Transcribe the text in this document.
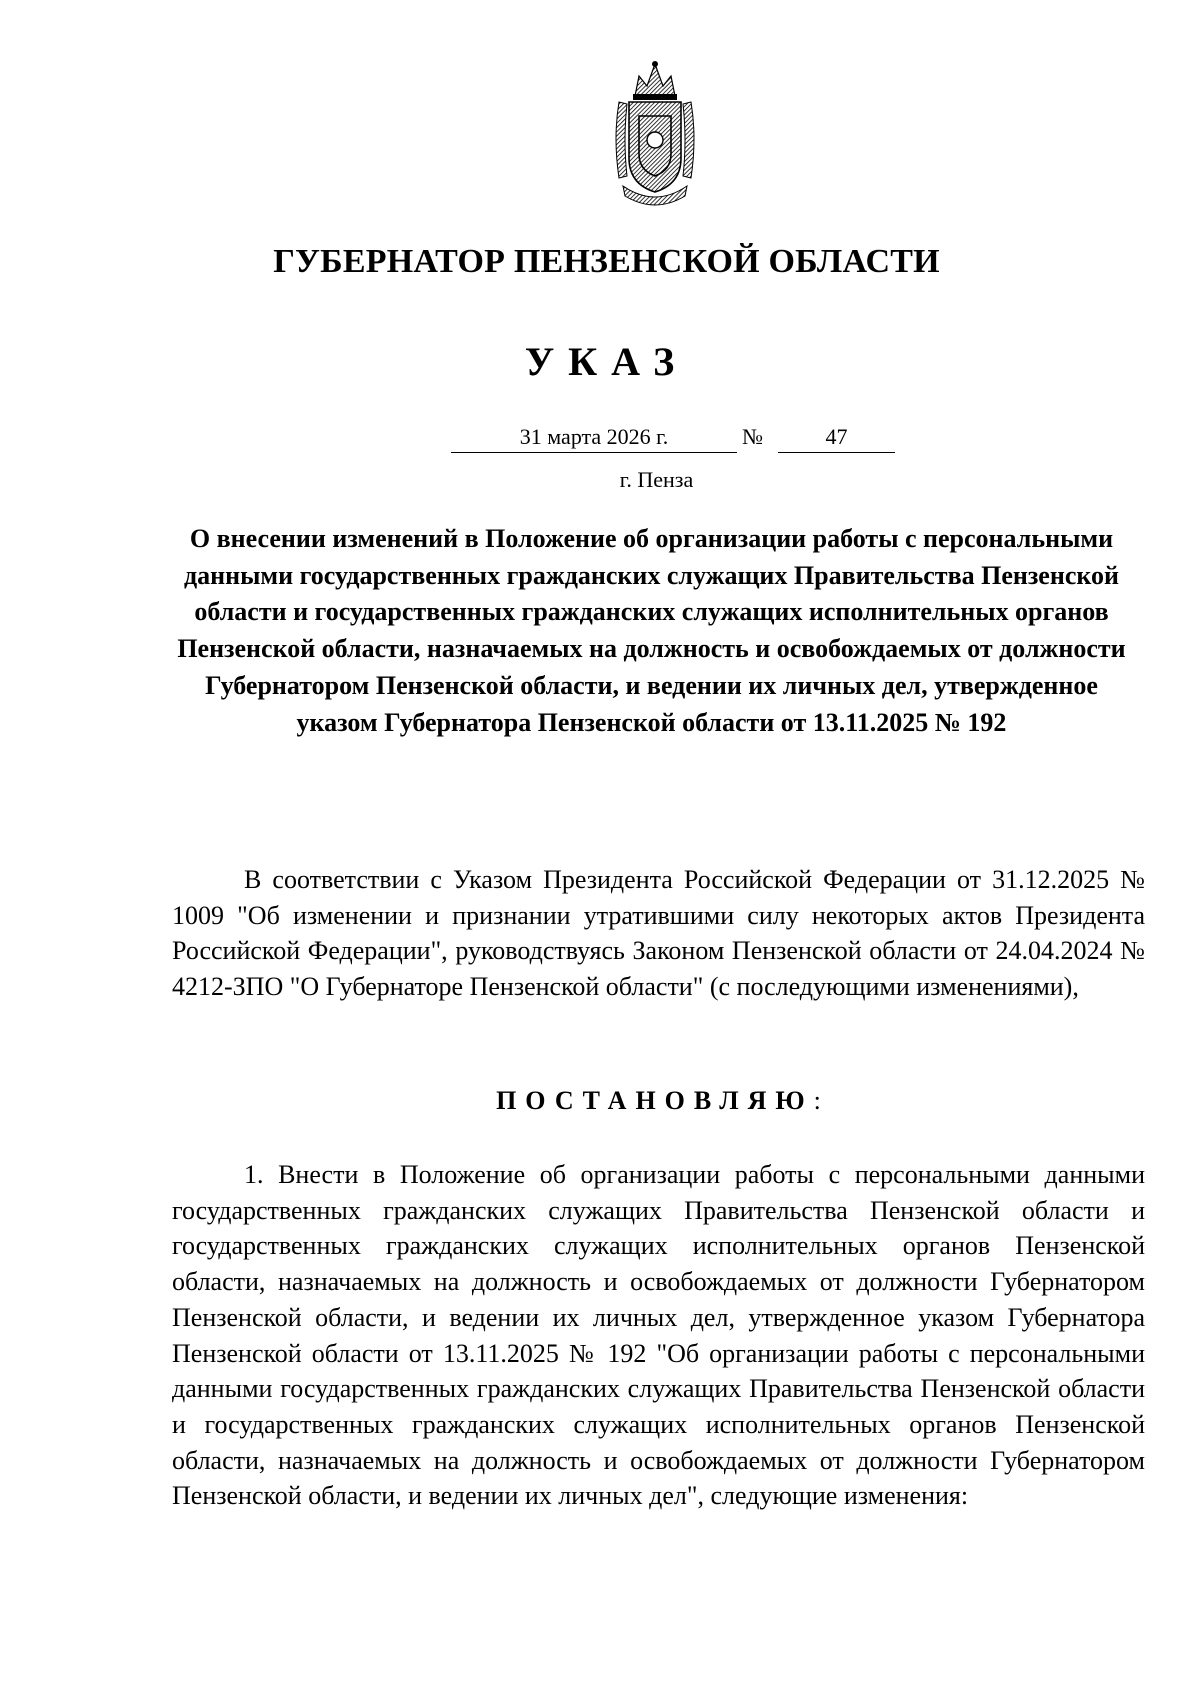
ГУБЕРНАТОР ПЕНЗЕНСКОЙ ОБЛАСТИ
УКАЗ
31 марта 2026 г.	№	47
г. Пенза

О внесении изменений в Положение об организации работы с персональными данными государственных гражданских служащих Правительства Пензенской области и государственных гражданских служащих исполнительных органов Пензенской области, назначаемых на должность и освобождаемых от должности Губернатором Пензенской области, и ведении их личных дел, утвержденное указом Губернатора Пензенской области от 13.11.2025 № 192

В соответствии с Указом Президента Российской Федерации от 31.12.2025 № 1009 "Об изменении и признании утратившими силу некоторых актов Президента Российской Федерации", руководствуясь Законом Пензенской области от 24.04.2024 № 4212-ЗПО "О Губернаторе Пензенской области" (с последующими изменениями),

ПОСТАНОВЛЯЮ:

1. Внести в Положение об организации работы с персональными данными государственных гражданских служащих Правительства Пензенской области и государственных гражданских служащих исполнительных органов Пензенской области, назначаемых на должность и освобождаемых от должности Губернатором Пензенской области, и ведении их личных дел, утвержденное указом Губернатора Пензенской области от 13.11.2025 № 192 "Об организации работы с персональными данными государственных гражданских служащих Правительства Пензенской области и государственных гражданских служащих исполнительных органов Пензенской области, назначаемых на должность и освобождаемых от должности Губернатором Пензенской области, и ведении их личных дел", следующие изменения:
